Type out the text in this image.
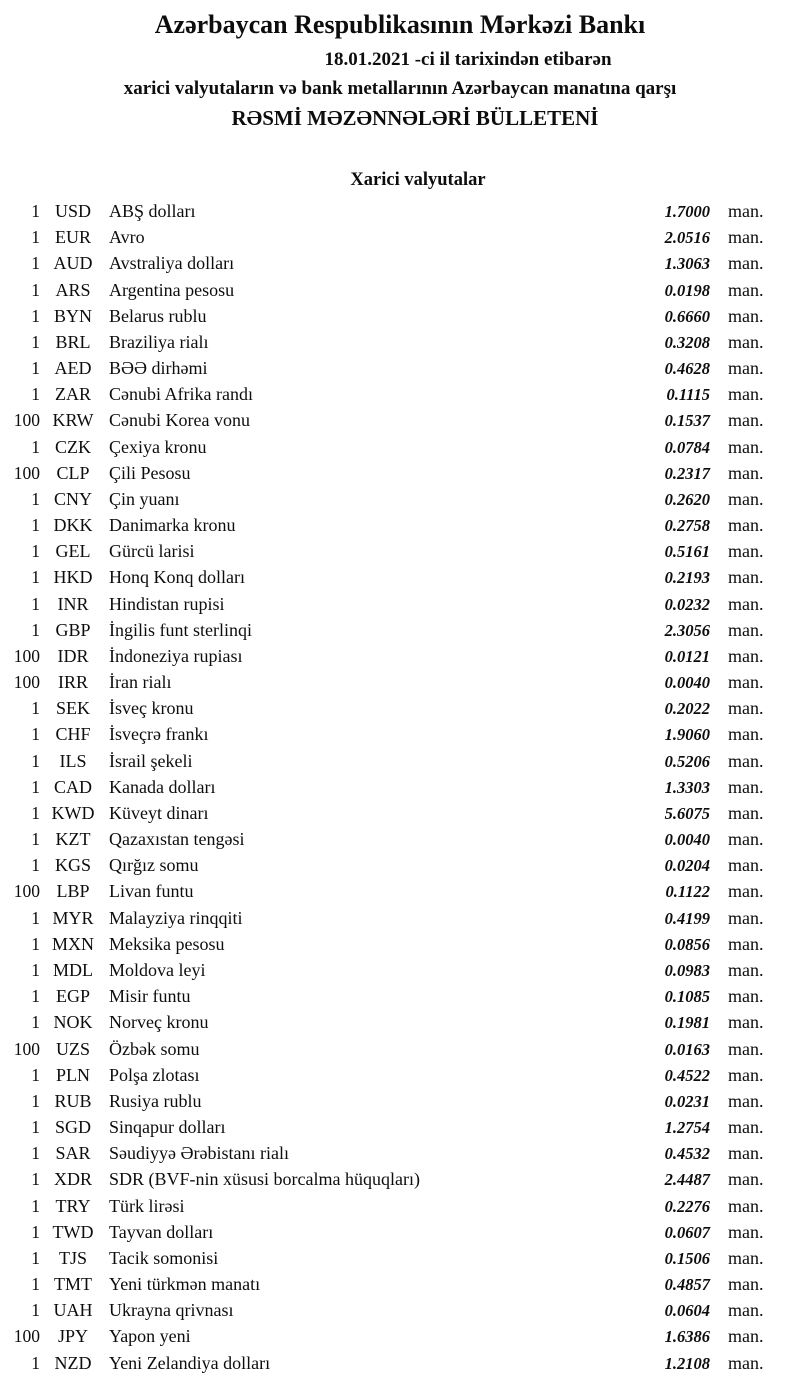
Azərbaycan Respublikasının Mərkəzi Bankı
18.01.2021 -ci il tarixindən etibarən
xarici valyutaların və bank metallarının Azərbaycan manatına qarşı
RƏSMİ MƏZƏNNƏLƏRİ BÜLLETENİ
Xarici valyutalar
1 USD	ABŞ dolları	1.7000	man.
1 EUR	Avro	2.0516	man.
1 AUD Avstraliya dolları	1.3063	man.
1 ARS	Argentina pesosu	0.0198	man.
1 BYN Belarus rublu	0.6660	man.
1 BRL	Braziliya rialı	0.3208	man.
1 AED BƏƏ dirhəmi	0.4628	man.
1 ZAR	Cənubi Afrika randı	0.1115	man.
100 KRW Cənubi Korea vonu	0.1537	man.
1 CZK	Çexiya kronu	0.0784	man.
100 CLP	Çili Pesosu	0.2317	man.
1 CNY Çin yuanı	0.2620	man.
1 DKK Danimarka kronu	0.2758	man.
1 GEL	Gürcü larisi	0.5161	man.
1 HKD Honq Konq dolları	0.2193	man.
1 INR	Hindistan rupisi	0.0232	man.
1 GBP	İngilis funt sterlinqi	2.3056	man.
100 IDR	İndoneziya rupiası	0.0121	man.
100 IRR	İran rialı	0.0040	man.
1 SEK	İsveç kronu	0.2022	man.
1 CHF	İsveçrə frankı	1.9060	man.
1	ILS	İsrail şekeli	0.5206	man.
1 CAD Kanada dolları	1.3303	man.
1 KWD Küveyt dinarı	5.6075	man.
1 KZT	Qazaxıstan tengəsi	0.0040	man.
1 KGS	Qırğız somu	0.0204	man.
100 LBP	Livan funtu	0.1122	man.
1 MYR Malayziya rinqqiti	0.4199	man.
1 MXN Meksika pesosu	0.0856	man.
1 MDL Moldova leyi	0.0983	man.
1 EGP	Misir funtu	0.1085	man.
1 NOK Norveç kronu	0.1981	man.
100 UZS	Özbək somu	0.0163	man.
1 PLN	Polşa zlotası	0.4522	man.
1 RUB Rusiya rublu	0.0231	man.
1 SGD	Sinqapur dolları	1.2754	man.
1 SAR	Səudiyyə Ərəbistanı rialı	0.4532	man.
1 XDR SDR (BVF-nin xüsusi borcalma hüquqları)	2.4487	man.
1 TRY	Türk lirəsi	0.2276	man.
1 TWD Tayvan dolları	0.0607	man.
1	TJS	Tacik somonisi	0.1506	man.
1 TMT Yeni türkmən manatı	0.4857	man.
1 UAH Ukrayna qrivnası	0.0604	man.
100 JPY	Yapon yeni	1.6386	man.
1 NZD Yeni Zelandiya dolları	1.2108	man.
